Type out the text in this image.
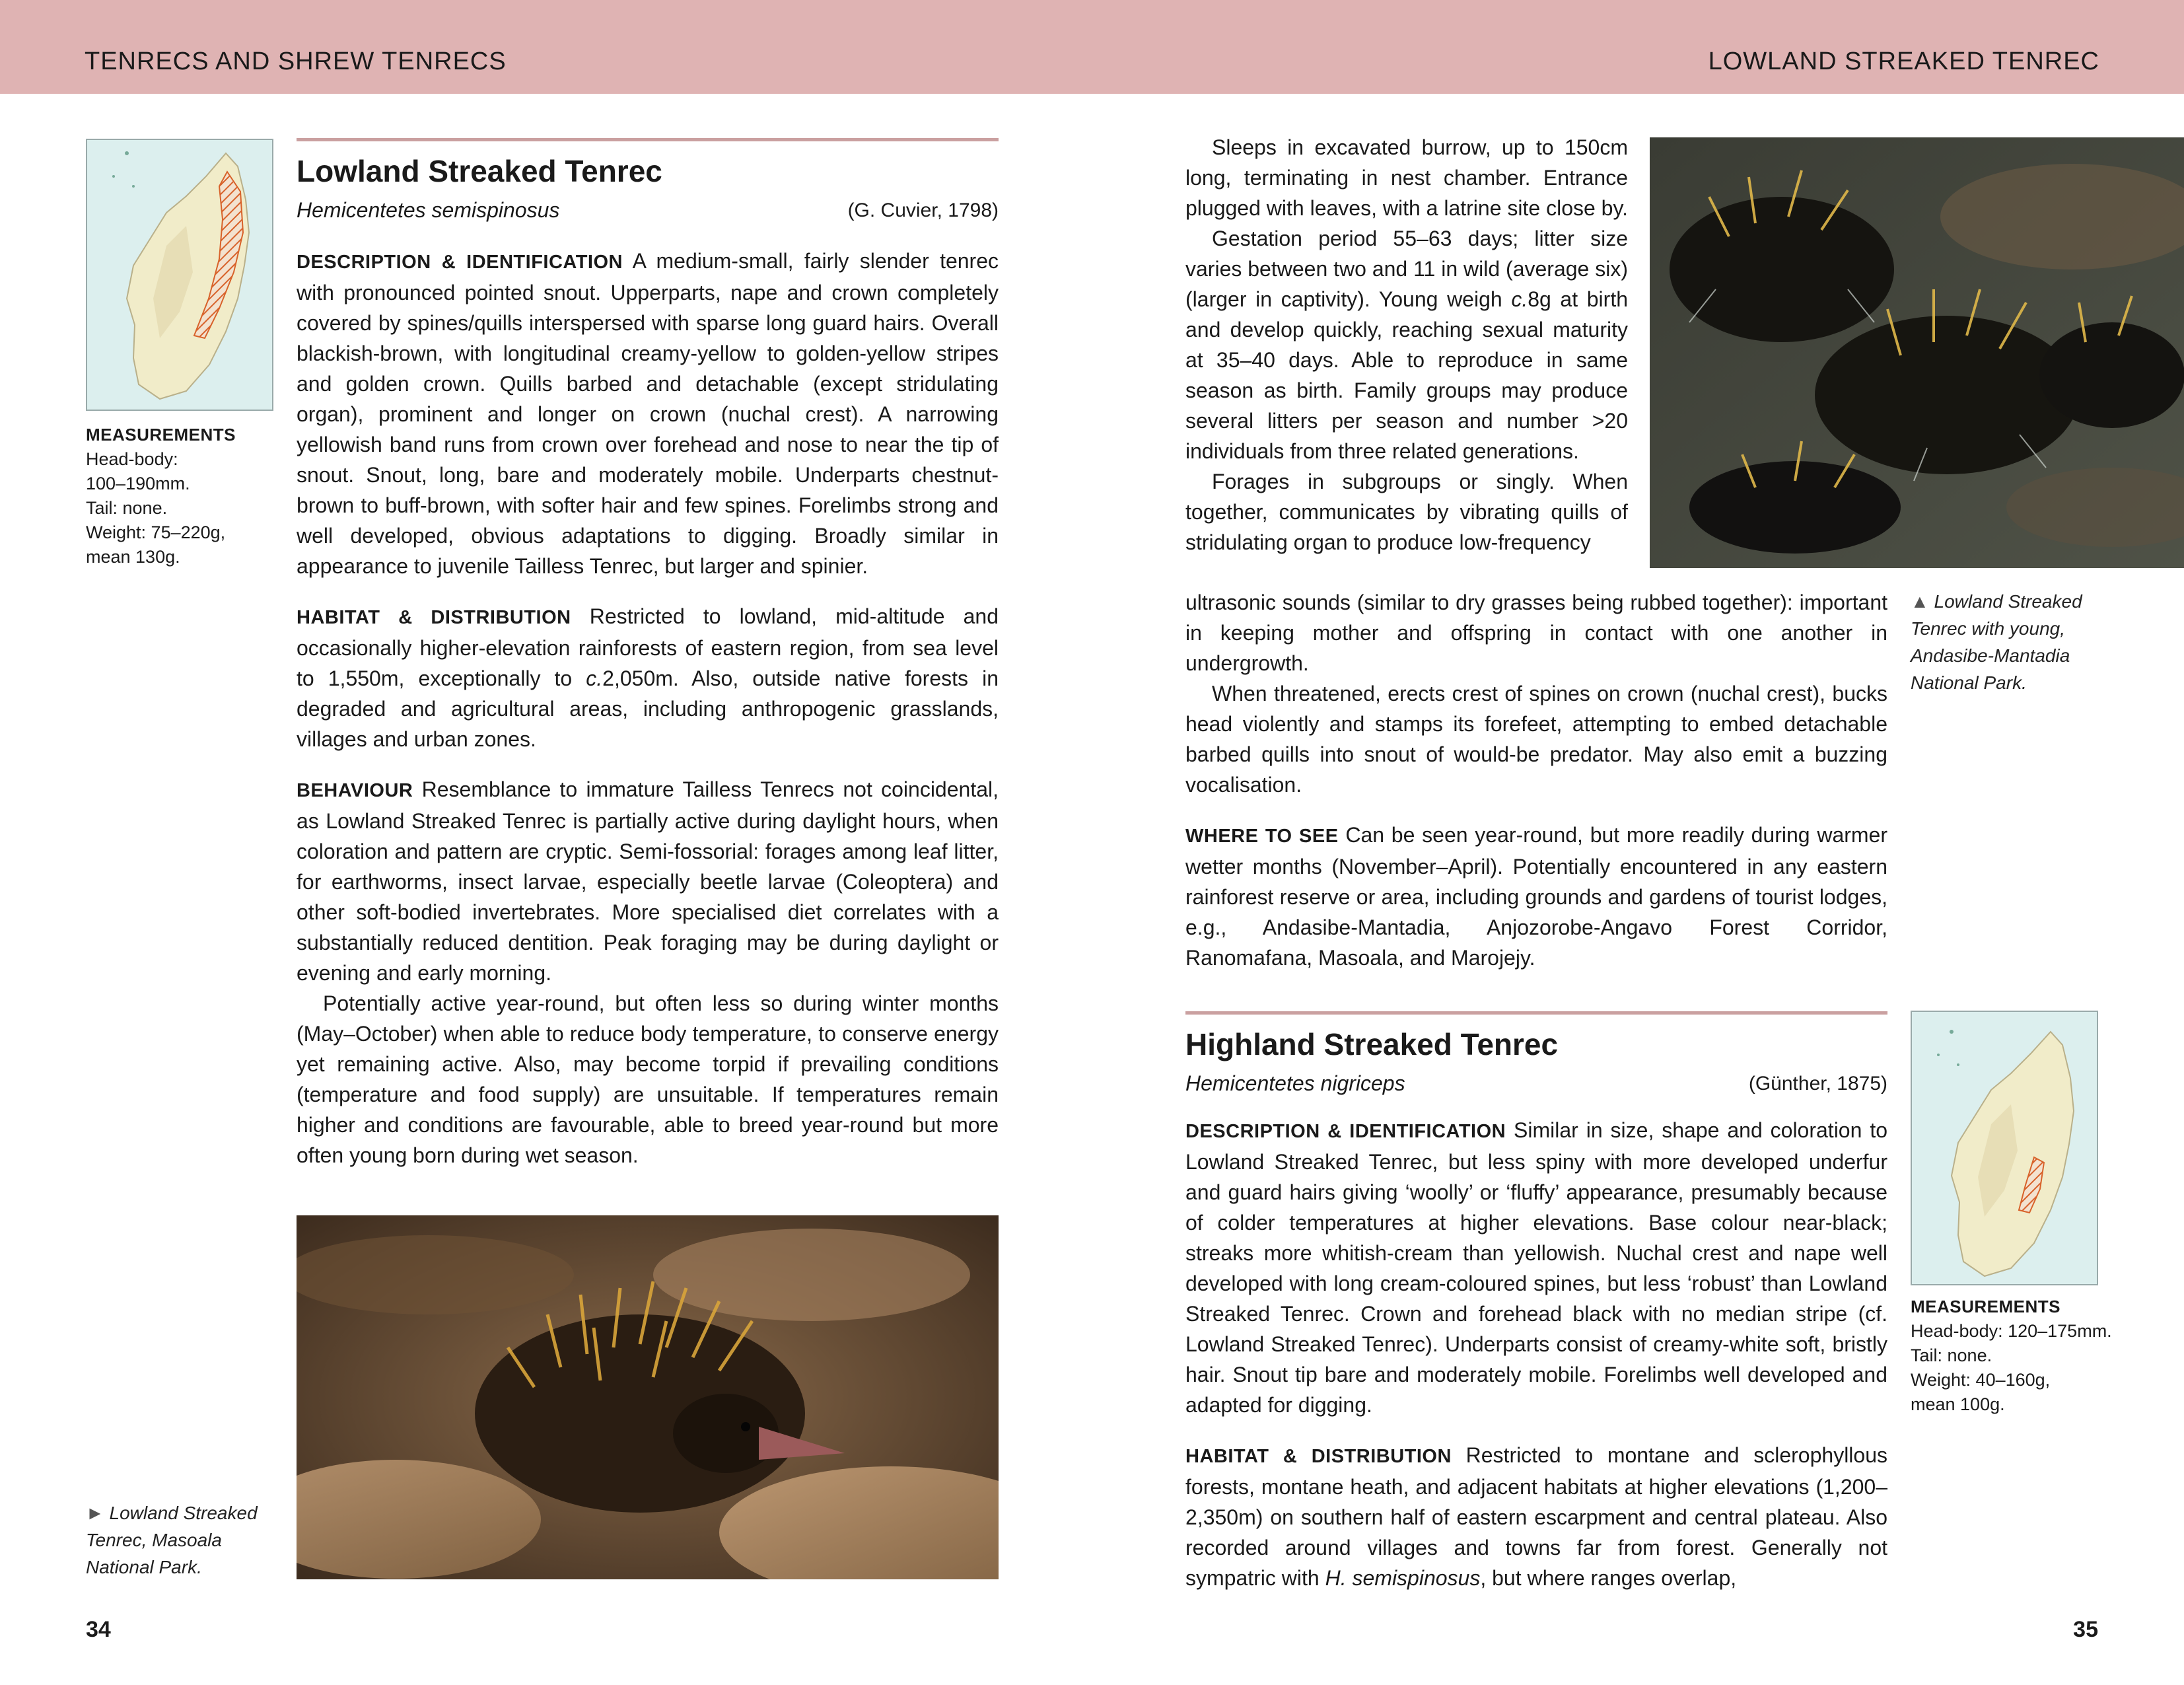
TENRECS AND SHREW TENRECS	LOWLAND STREAKED TENREC
MEASUREMENTS
Head-body:
100–190mm.
Tail: none.
Weight: 75–220g,
mean 130g.
Lowland Streaked Tenrec
Hemicentetes semispinosus	(G. Cuvier, 1798)

DESCRIPTION & IDENTIFICATION A medium-small, fairly slender tenrec with pronounced pointed snout. Upperparts, nape and crown completely covered by spines/quills interspersed with sparse long guard hairs. Overall blackish-brown, with longitudinal creamy-yellow to golden-yellow stripes and golden crown. Quills barbed and detachable (except stridulating organ), prominent and longer on crown (nuchal crest). A narrowing yellowish band runs from crown over forehead and nose to near the tip of snout. Snout, long, bare and moderately mobile. Underparts chestnut-brown to buff-brown, with softer hair and few spines. Forelimbs strong and well developed, obvious adaptations to digging. Broadly similar in appearance to juvenile Tailless Tenrec, but larger and spinier.

HABITAT & DISTRIBUTION Restricted to lowland, mid-altitude and occasionally higher-elevation rainforests of eastern region, from sea level to 1,550m, exceptionally to c.2,050m. Also, outside native forests in degraded and agricultural areas, including anthropogenic grasslands, villages and urban zones.

BEHAVIOUR Resemblance to immature Tailless Tenrecs not coincidental, as Lowland Streaked Tenrec is partially active during daylight hours, when coloration and pattern are cryptic. Semi-fossorial: forages among leaf litter, for earthworms, insect larvae, especially beetle larvae (Coleoptera) and other soft-bodied invertebrates. More specialised diet correlates with a substantially reduced dentition. Peak foraging may be during daylight or evening and early morning.

Potentially active year-round, but often less so during winter months (May–October) when able to reduce body temperature, to conserve energy yet remaining active. Also, may become torpid if prevailing conditions (temperature and food supply) are unsuitable. If temperatures remain higher and conditions are favourable, able to breed year-round but more often young born during wet season.

► Lowland Streaked Tenrec, Masoala National Park.
34

Sleeps in excavated burrow, up to 150cm long, terminating in nest chamber. Entrance plugged with leaves, with a latrine site close by.

Gestation period 55–63 days; litter size varies between two and 11 in wild (average six) (larger in captivity). Young weigh c.8g at birth and develop quickly, reaching sexual maturity at 35–40 days. Able to reproduce in same season as birth. Family groups may produce several litters per season and number >20 individuals from three related generations.

Forages in subgroups or singly. When together, communicates by vibrating quills of stridulating organ to produce low-frequency

ultrasonic sounds (similar to dry grasses being rubbed together): important in keeping mother and offspring in contact with one another in undergrowth.

When threatened, erects crest of spines on crown (nuchal crest), bucks head violently and stamps its forefeet, attempting to embed detachable barbed quills into snout of would-be predator. May also emit a buzzing vocalisation.

WHERE TO SEE Can be seen year-round, but more readily during warmer wetter months (November–April). Potentially encountered in any eastern rainforest reserve or area, including grounds and gardens of tourist lodges, e.g., Andasibe-Mantadia, Anjozorobe-Angavo Forest Corridor, Ranomafana, Masoala, and Marojejy.

▲ Lowland Streaked Tenrec with young, Andasibe-Mantadia National Park.
Highland Streaked Tenrec
Hemicentetes nigriceps	(Günther, 1875)

DESCRIPTION & IDENTIFICATION Similar in size, shape and coloration to Lowland Streaked Tenrec, but less spiny with more developed underfur and guard hairs giving ‘woolly’ or ‘fluffy’ appearance, presumably because of colder temperatures at higher elevations. Base colour near-black; streaks more whitish-cream than yellowish. Nuchal crest and nape well developed with long cream-coloured spines, but less ‘robust’ than Lowland Streaked Tenrec. Crown and forehead black with no median stripe (cf. Lowland Streaked Tenrec). Underparts consist of creamy-white soft, bristly hair. Snout tip bare and moderately mobile. Forelimbs well developed and adapted for digging.

HABITAT & DISTRIBUTION Restricted to montane and sclerophyllous forests, montane heath, and adjacent habitats at higher elevations (1,200–2,350m) on southern half of eastern escarpment and central plateau. Also recorded around villages and towns far from forest. Generally not sympatric with H. semispinosus, but where ranges overlap,

MEASUREMENTS
Head-body: 120–175mm.
Tail: none.
Weight: 40–160g,
mean 100g.
35
